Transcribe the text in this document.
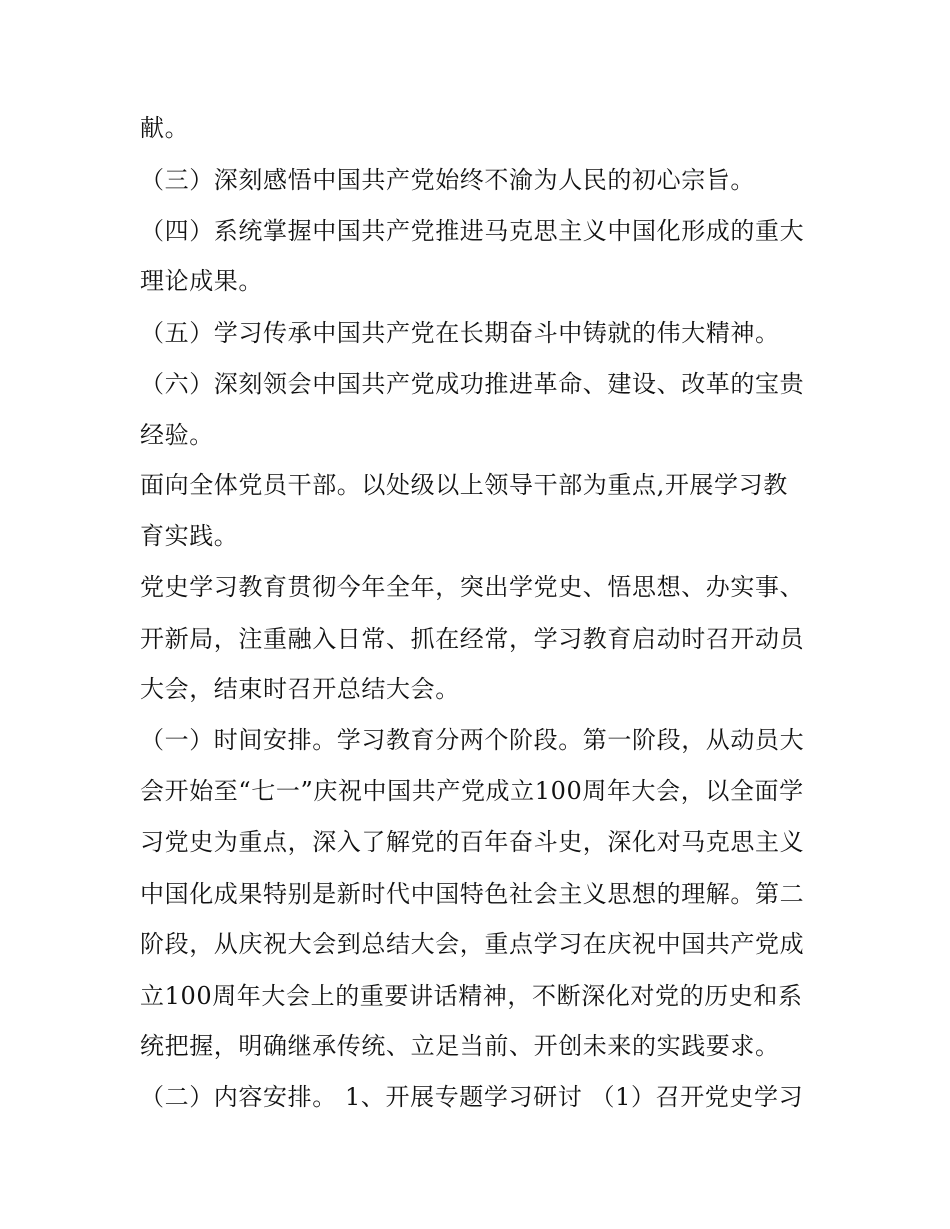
献。
（三）深刻感悟中国共产党始终不渝为人民的初心宗旨。
（四）系统掌握中国共产党推进马克思主义中国化形成的重大
理论成果。
（五）学习传承中国共产党在长期奋斗中铸就的伟大精神。
（六）深刻领会中国共产党成功推进革命、建设、改革的宝贵
经验。
面向全体党员干部。以处级以上领导干部为重点,开展学习教
育实践。
党史学习教育贯彻今年全年，突出学党史、悟思想、办实事、
开新局，注重融入日常、抓在经常，学习教育启动时召开动员
大会，结束时召开总结大会。
（一）时间安排。学习教育分两个阶段。第一阶段，从动员大
会开始至“七一”庆祝中国共产党成立100周年大会，以全面学
习党史为重点，深入了解党的百年奋斗史，深化对马克思主义
中国化成果特别是新时代中国特色社会主义思想的理解。第二
阶段，从庆祝大会到总结大会，重点学习在庆祝中国共产党成
立100周年大会上的重要讲话精神，不断深化对党的历史和系
统把握，明确继承传统、立足当前、开创未来的实践要求。
（二）内容安排。 1、开展专题学习研讨 （1）召开党史学习
